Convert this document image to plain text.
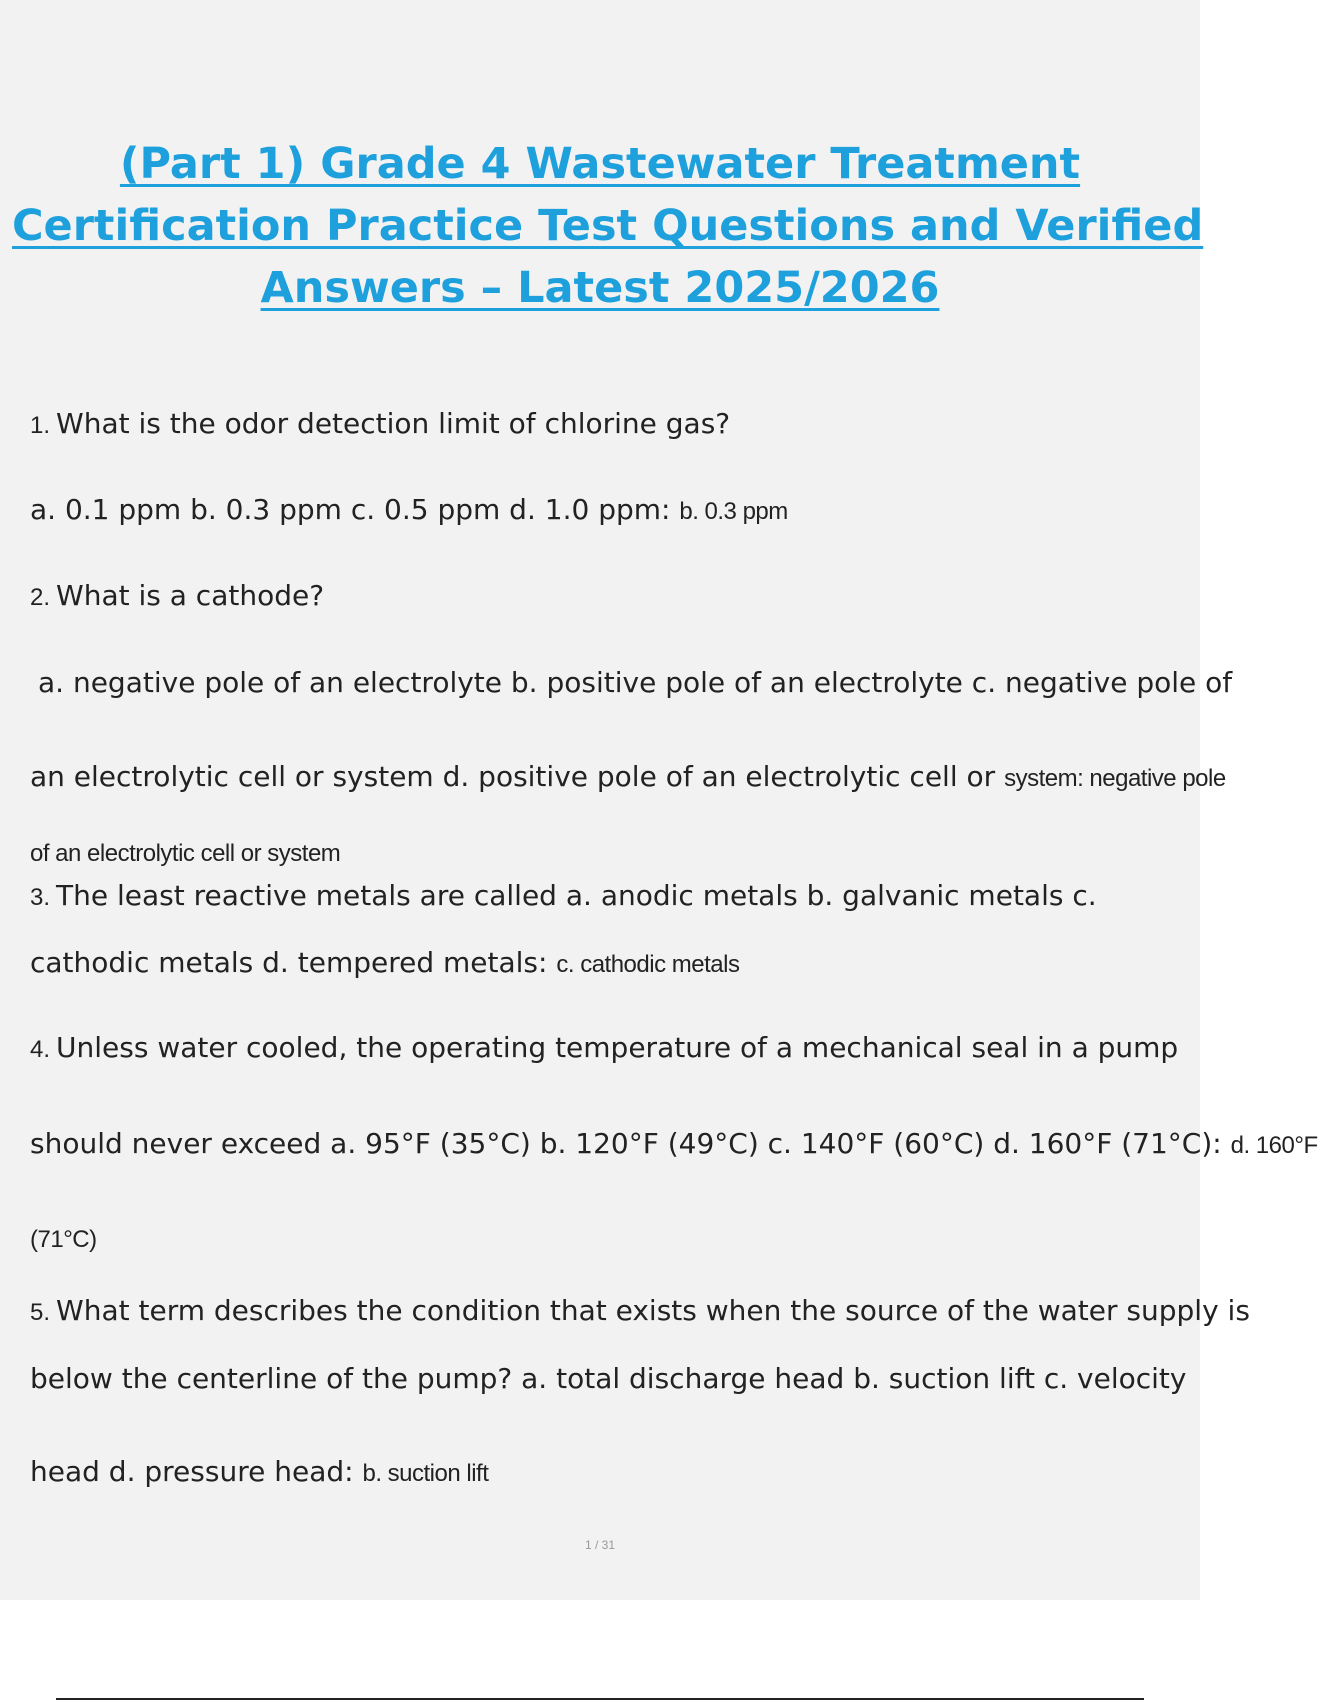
(Part 1) Grade 4 Wastewater Treatment
Certification Practice Test Questions and Verified
Answers – Latest 2025/2026
1. What is the odor detection limit of chlorine gas?
a. 0.1 ppm b. 0.3 ppm c. 0.5 ppm d. 1.0 ppm: b. 0.3 ppm
2. What is a cathode?
a. negative pole of an electrolyte b. positive pole of an electrolyte c. negative pole of
an electrolytic cell or system d. positive pole of an electrolytic cell or system: negative pole
of an electrolytic cell or system
3. The least reactive metals are called a. anodic metals b. galvanic metals c.
cathodic metals d. tempered metals: c. cathodic metals
4. Unless water cooled, the operating temperature of a mechanical seal in a pump
should never exceed a. 95°F (35°C) b. 120°F (49°C) c. 140°F (60°C) d. 160°F (71°C): d. 160°F
(71°C)
5. What term describes the condition that exists when the source of the water supply is
below the centerline of the pump? a. total discharge head b. suction lift c. velocity
head d. pressure head: b. suction lift
1 / 31
